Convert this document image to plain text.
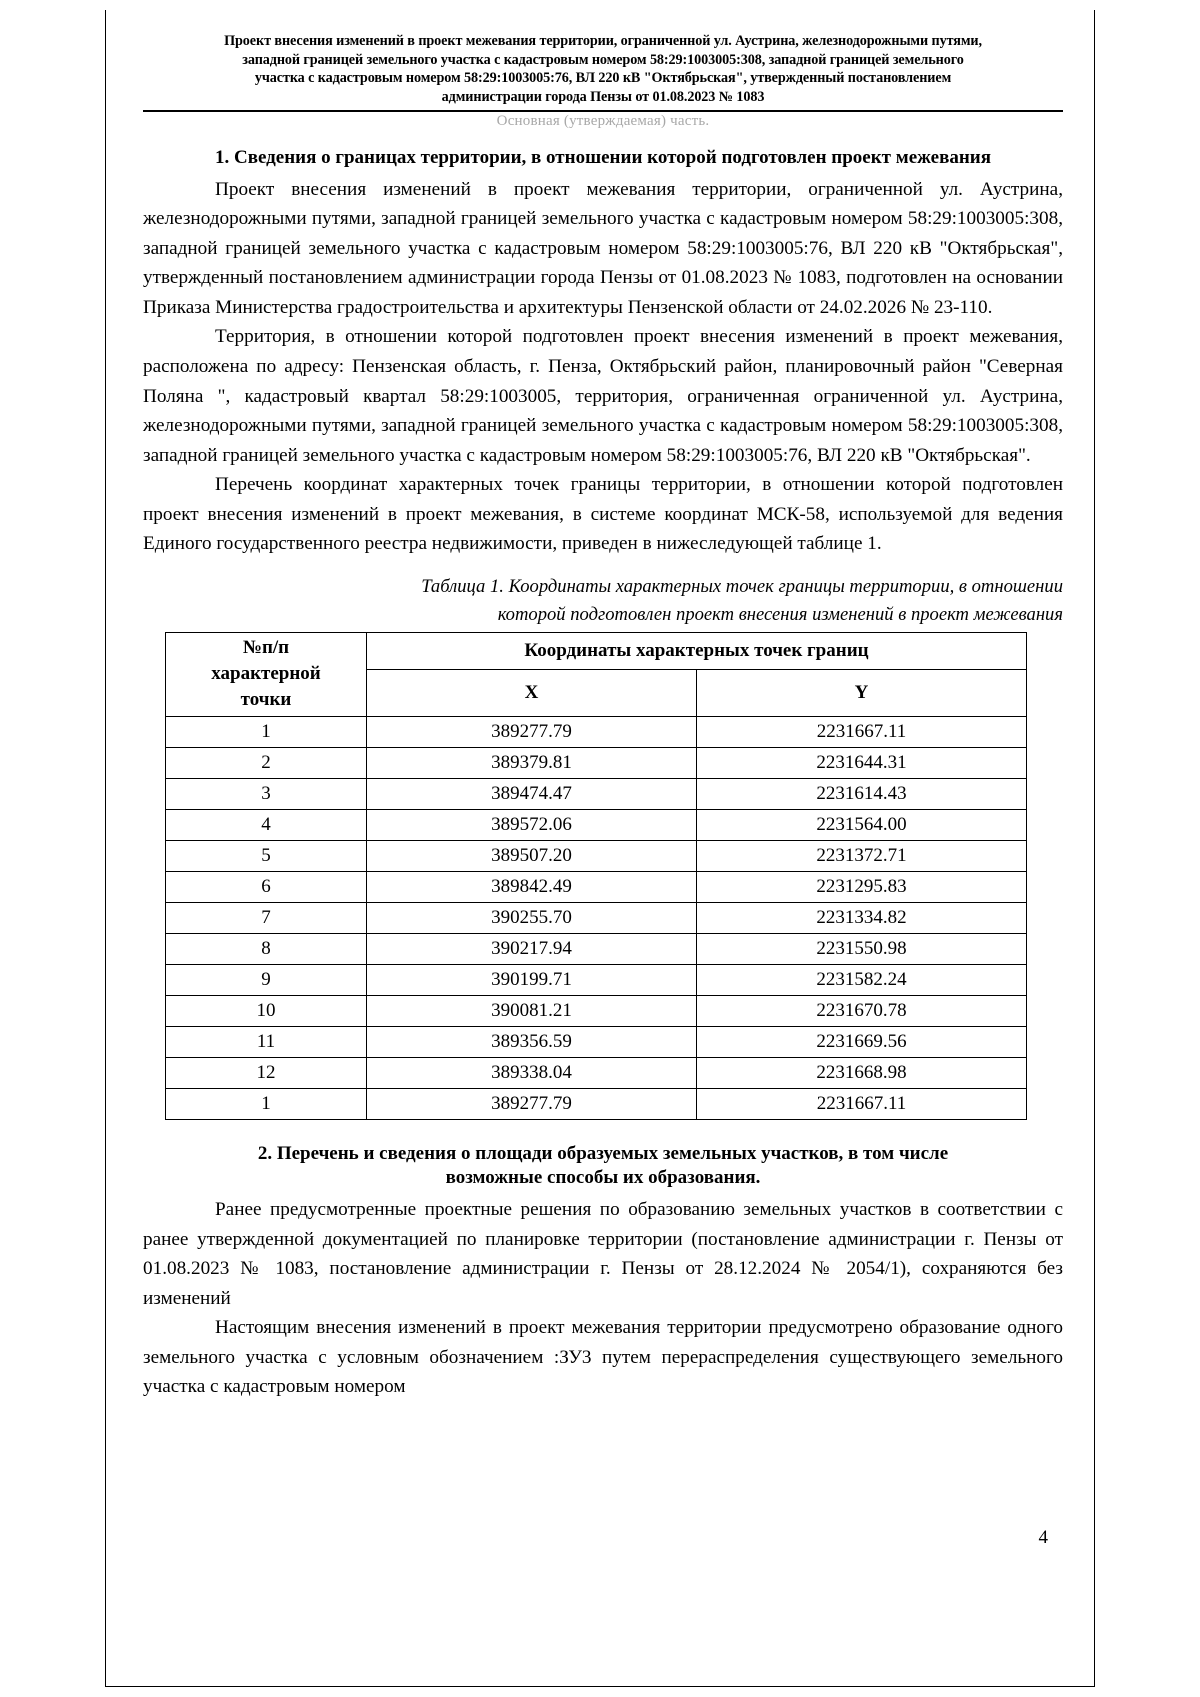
Проект внесения изменений в проект межевания территории, ограниченной ул. Аустрина, железнодорожными путями,
западной границей земельного участка с кадастровым номером 58:29:1003005:308, западной границей земельного
участка с кадастровым номером 58:29:1003005:76, ВЛ 220 кВ "Октябрьская", утвержденный постановлением
администрации города Пензы от 01.08.2023 № 1083
Основная (утверждаемая) часть.
1. Сведения о границах территории, в отношении которой подготовлен проект межевания

Проект внесения изменений в проект межевания территории, ограниченной ул. Аустрина, железнодорожными путями, западной границей земельного участка с кадастровым номером 58:29:1003005:308, западной границей земельного участка с кадастровым номером 58:29:1003005:76, ВЛ 220 кВ "Октябрьская", утвержденный постановлением администрации города Пензы от 01.08.2023 № 1083, подготовлен на основании Приказа Министерства градостроительства и архитектуры Пензенской области от 24.02.2026 № 23-110.

Территория, в отношении которой подготовлен проект внесения изменений в проект межевания, расположена по адресу: Пензенская область, г. Пенза, Октябрьский район, планировочный район "Северная Поляна ", кадастровый квартал 58:29:1003005, территория, ограниченная ограниченной ул. Аустрина, железнодорожными путями, западной границей земельного участка с кадастровым номером 58:29:1003005:308, западной границей земельного участка с кадастровым номером 58:29:1003005:76, ВЛ 220 кВ "Октябрьская".

Перечень координат характерных точек границы территории, в отношении которой подготовлен проект внесения изменений в проект межевания, в системе координат МСК-58, используемой для ведения Единого государственного реестра недвижимости, приведен в нижеследующей таблице 1.

Таблица 1. Координаты характерных точек границы территории, в отношении
которой подготовлен проект внесения изменений в проект межевания
№п/п
характерной
точки	Координаты характерных точек границ	
	X	Y
1	389277.79	2231667.11
2	389379.81	2231644.31
3	389474.47	2231614.43
4	389572.06	2231564.00
5	389507.20	2231372.71
6	389842.49	2231295.83
7	390255.70	2231334.82
8	390217.94	2231550.98
9	390199.71	2231582.24
10	390081.21	2231670.78
11	389356.59	2231669.56
12	389338.04	2231668.98
1	389277.79	2231667.11
2. Перечень и сведения о площади образуемых земельных участков, в том числе
возможные способы их образования.

Ранее предусмотренные проектные решения по образованию земельных участков в соответствии с ранее утвержденной документацией по планировке территории (постановление администрации г. Пензы от 01.08.2023 № 1083, постановление администрации г. Пензы от 28.12.2024 № 2054/1), сохраняются без изменений

Настоящим внесения изменений в проект межевания территории предусмотрено образование одного земельного участка с условным обозначением :ЗУ3 путем перераспределения существующего земельного участка с кадастровым номером

4
